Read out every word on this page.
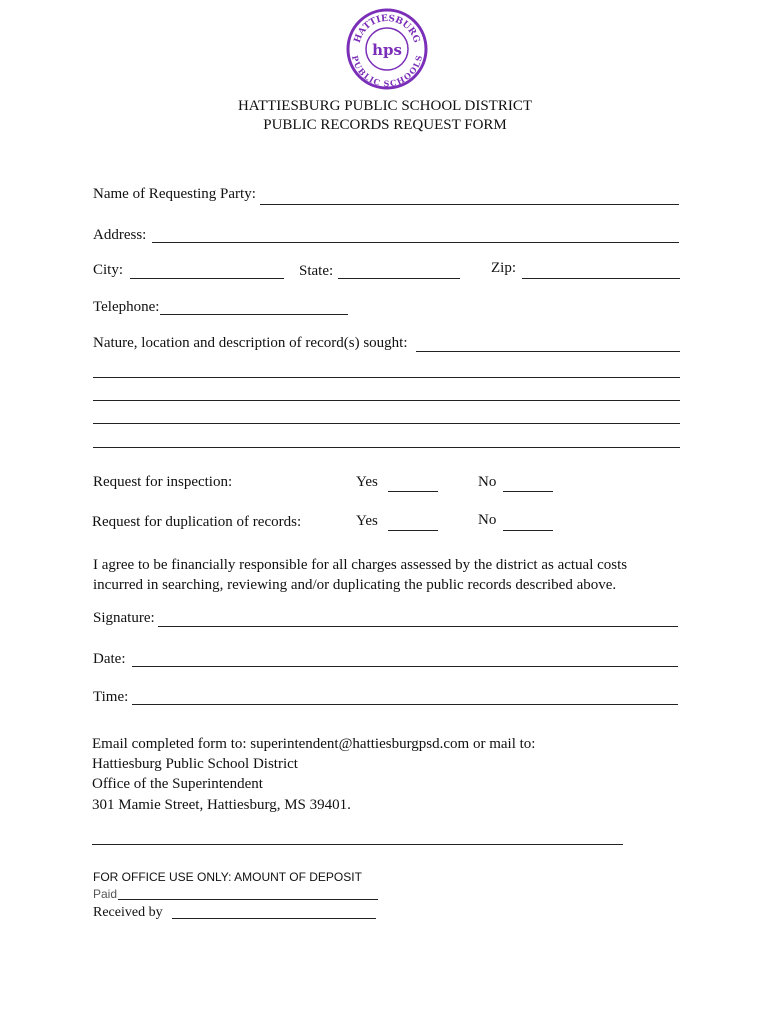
HATTIESBURG
PUBLIC SCHOOLS
hps
HATTIESBURG PUBLIC SCHOOL DISTRICT
PUBLIC RECORDS REQUEST FORM
Name of Requesting Party:
Address:
City:	State:	Zip:
Telephone:
Nature, location and description of record(s) sought:
Request for inspection:	Yes	No
Request for duplication of records:	Yes	No
I agree to be financially responsible for all charges assessed by the district as actual costs
incurred in searching, reviewing and/or duplicating the public records described above.
Signature:
Date:
Time:
Email completed form to: superintendent@hattiesburgpsd.com or mail to:
Hattiesburg Public School District
Office of the Superintendent
301 Mamie Street, Hattiesburg, MS 39401.
FOR OFFICE USE ONLY: AMOUNT OF DEPOSIT
Paid
Received by
